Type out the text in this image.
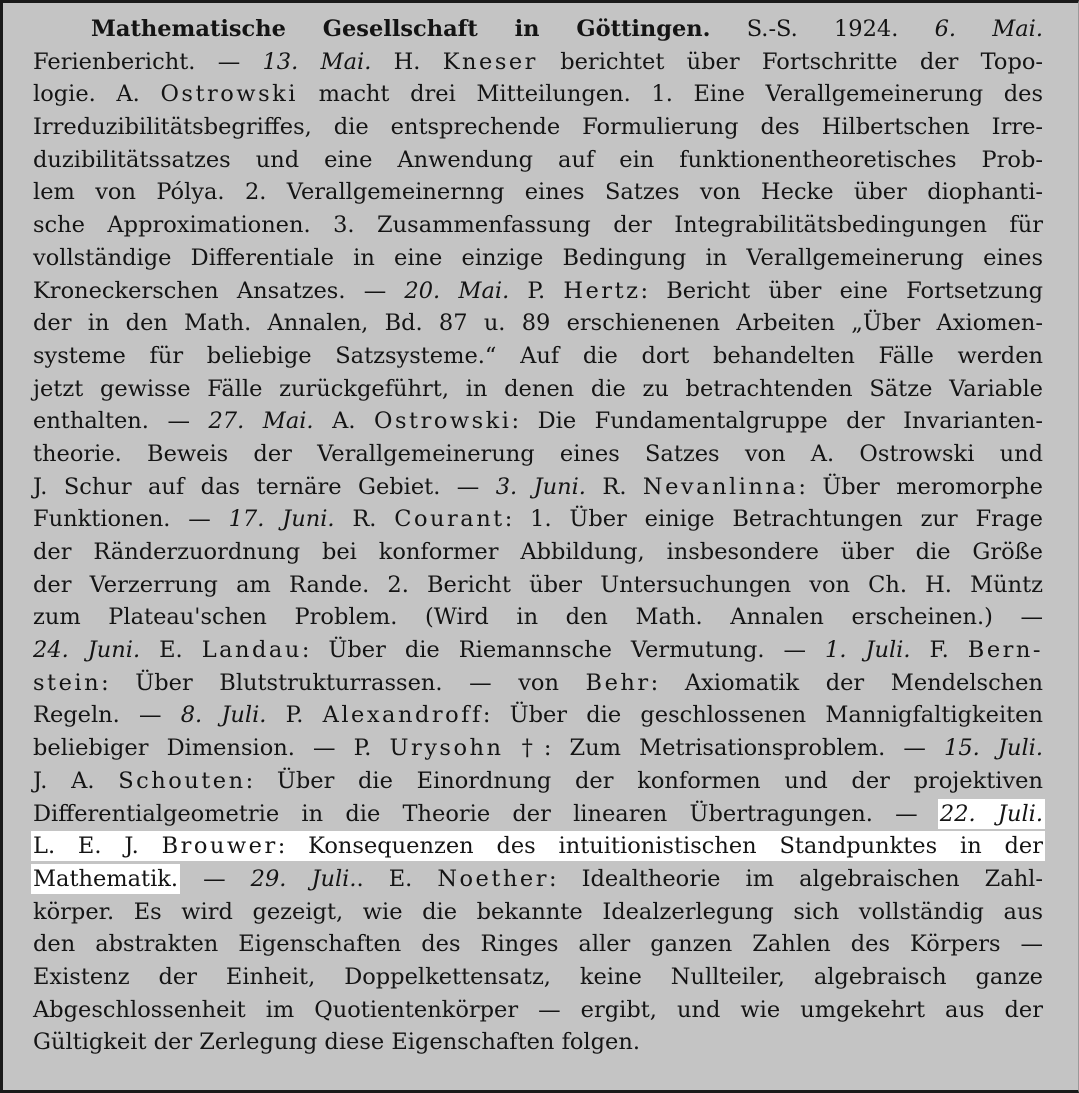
Mathematische Gesellschaft in Göttingen. S.-S. 1924. 6. Mai.
Ferienbericht. — 13. Mai. H. Kneser berichtet über Fortschritte der Topo-
logie. A. Ostrowski macht drei Mitteilungen. 1. Eine Verallgemeinerung des
Irreduzibilitätsbegriffes, die entsprechende Formulierung des Hilbertschen Irre-
duzibilitätssatzes und eine Anwendung auf ein funktionentheoretisches Prob-
lem von Pólya. 2. Verallgemeinernng eines Satzes von Hecke über diophanti-
sche Approximationen. 3. Zusammenfassung der Integrabilitätsbedingungen für
vollständige Differentiale in eine einzige Bedingung in Verallgemeinerung eines
Kroneckerschen Ansatzes. — 20. Mai. P. Hertz: Bericht über eine Fortsetzung
der in den Math. Annalen, Bd. 87 u. 89 erschienenen Arbeiten „Über Axiomen-
systeme für beliebige Satzsysteme.“ Auf die dort behandelten Fälle werden
jetzt gewisse Fälle zurückgeführt, in denen die zu betrachtenden Sätze Variable
enthalten. — 27. Mai. A. Ostrowski: Die Fundamentalgruppe der Invarianten-
theorie. Beweis der Verallgemeinerung eines Satzes von A. Ostrowski und
J. Schur auf das ternäre Gebiet. — 3. Juni. R. Nevanlinna: Über meromorphe
Funktionen. — 17. Juni. R. Courant: 1. Über einige Betrachtungen zur Frage
der Ränderzuordnung bei konformer Abbildung, insbesondere über die Größe
der Verzerrung am Rande. 2. Bericht über Untersuchungen von Ch. H. Müntz
zum Plateau'schen Problem. (Wird in den Math. Annalen erscheinen.) —
24. Juni. E. Landau: Über die Riemannsche Vermutung. — 1. Juli. F. Bern-
stein: Über Blutstrukturrassen. — von Behr: Axiomatik der Mendelschen
Regeln. — 8. Juli. P. Alexandroff: Über die geschlossenen Mannigfaltigkeiten
beliebiger Dimension. — P. Urysohn †: Zum Metrisationsproblem. — 15. Juli.
J. A. Schouten: Über die Einordnung der konformen und der projektiven
Differentialgeometrie in die Theorie der linearen Übertragungen. — 22. Juli.
L. E. J. Brouwer: Konsequenzen des intuitionistischen Standpunktes in der
Mathematik. — 29. Juli.. E. Noether: Idealtheorie im algebraischen Zahl-
körper. Es wird gezeigt, wie die bekannte Idealzerlegung sich vollständig aus
den abstrakten Eigenschaften des Ringes aller ganzen Zahlen des Körpers —
Existenz der Einheit, Doppelkettensatz, keine Nullteiler, algebraisch ganze
Abgeschlossenheit im Quotientenkörper — ergibt, und wie umgekehrt aus der
Gültigkeit der Zerlegung diese Eigenschaften folgen.
